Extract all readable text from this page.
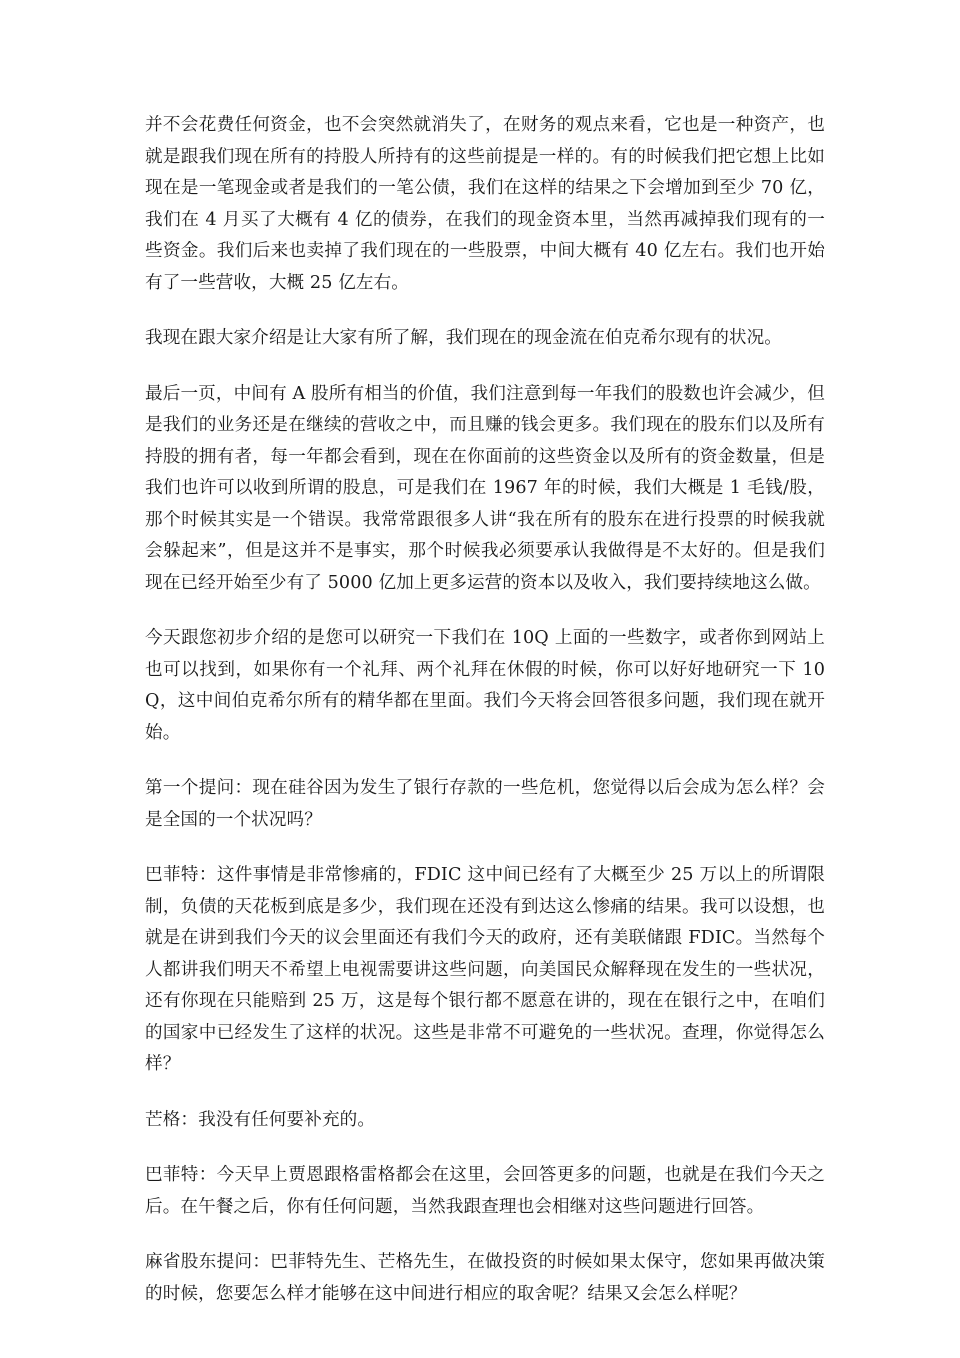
并不会花费任何资金，也不会突然就消失了，在财务的观点来看，它也是一种资产，也就是跟我们现在所有的持股人所持有的这些前提是一样的。有的时候我们把它想上比如现在是一笔现金或者是我们的一笔公债，我们在这样的结果之下会增加到至少 70 亿，我们在 4 月买了大概有 4 亿的债券，在我们的现金资本里，当然再减掉我们现有的一些资金。我们后来也卖掉了我们现在的一些股票，中间大概有 40 亿左右。我们也开始有了一些营收，大概 25 亿左右。

我现在跟大家介绍是让大家有所了解，我们现在的现金流在伯克希尔现有的状况。

最后一页，中间有 A 股所有相当的价值，我们注意到每一年我们的股数也许会减少，但是我们的业务还是在继续的营收之中，而且赚的钱会更多。我们现在的股东们以及所有持股的拥有者，每一年都会看到，现在在你面前的这些资金以及所有的资金数量，但是我们也许可以收到所谓的股息，可是我们在 1967 年的时候，我们大概是 1 毛钱/股，那个时候其实是一个错误。我常常跟很多人讲“我在所有的股东在进行投票的时候我就会躲起来”，但是这并不是事实，那个时候我必须要承认我做得是不太好的。但是我们现在已经开始至少有了 5000 亿加上更多运营的资本以及收入，我们要持续地这么做。

今天跟您初步介绍的是您可以研究一下我们在 10Q 上面的一些数字，或者你到网站上也可以找到，如果你有一个礼拜、两个礼拜在休假的时候，你可以好好地研究一下 10Q，这中间伯克希尔所有的精华都在里面。我们今天将会回答很多问题，我们现在就开始。

第一个提问：现在硅谷因为发生了银行存款的一些危机，您觉得以后会成为怎么样？会是全国的一个状况吗？

巴菲特：这件事情是非常惨痛的，FDIC 这中间已经有了大概至少 25 万以上的所谓限制，负债的天花板到底是多少，我们现在还没有到达这么惨痛的结果。我可以设想，也就是在讲到我们今天的议会里面还有我们今天的政府，还有美联储跟 FDIC。当然每个人都讲我们明天不希望上电视需要讲这些问题，向美国民众解释现在发生的一些状况，还有你现在只能赔到 25 万，这是每个银行都不愿意在讲的，现在在银行之中，在咱们的国家中已经发生了这样的状况。这些是非常不可避免的一些状况。查理，你觉得怎么样？

芒格：我没有任何要补充的。

巴菲特：今天早上贾恩跟格雷格都会在这里，会回答更多的问题，也就是在我们今天之后。在午餐之后，你有任何问题，当然我跟查理也会相继对这些问题进行回答。

麻省股东提问：巴菲特先生、芒格先生，在做投资的时候如果太保守，您如果再做决策的时候，您要怎么样才能够在这中间进行相应的取舍呢？结果又会怎么样呢？
